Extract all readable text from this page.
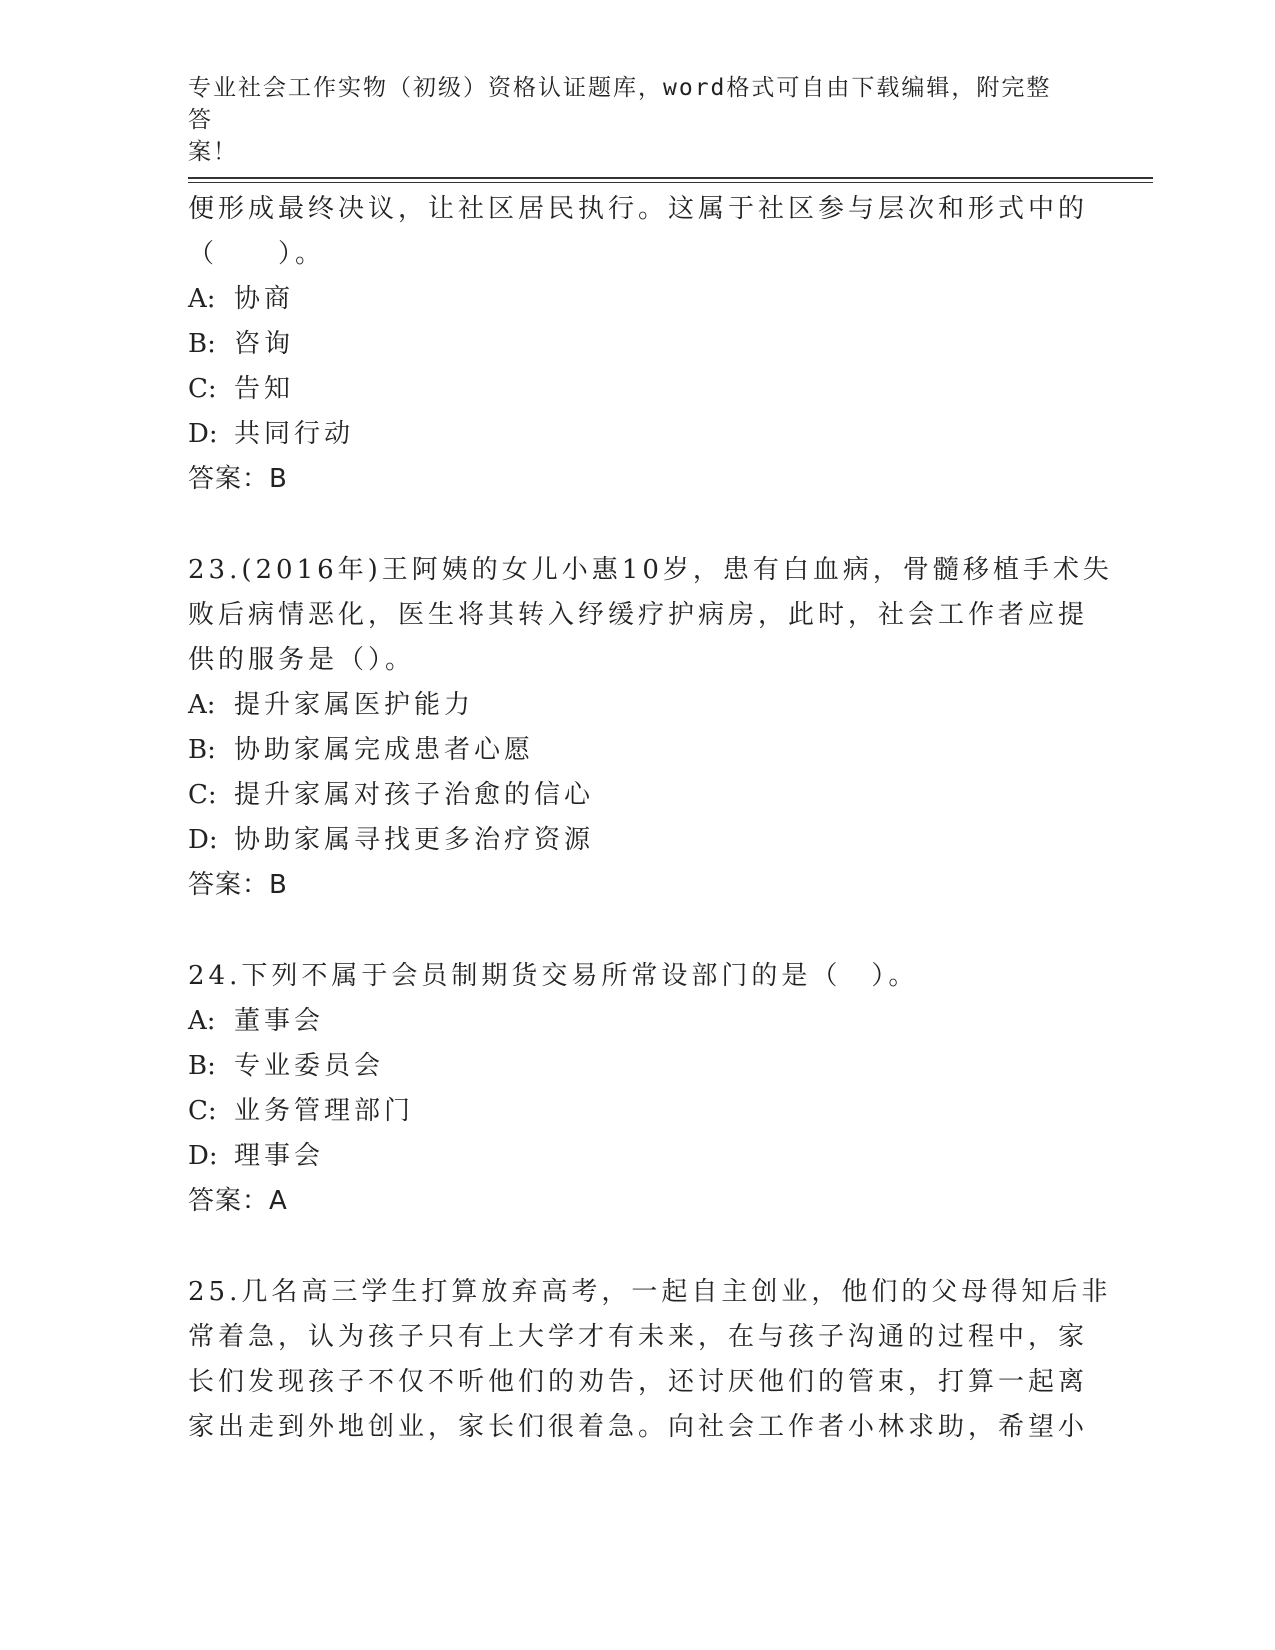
专业社会工作实物（初级）资格认证题库，word格式可自由下载编辑，附完整答
案！
便形成最终决议，让社区居民执行。这属于社区参与层次和形式中的
（　　）。
A: 协商
B: 咨询
C: 告知
D: 共同行动
答案：B
23.(2016年)王阿姨的女儿小惠10岁，患有白血病，骨髓移植手术失
败后病情恶化，医生将其转入纾缓疗护病房，此时，社会工作者应提
供的服务是（）。
A: 提升家属医护能力
B: 协助家属完成患者心愿
C: 提升家属对孩子治愈的信心
D: 协助家属寻找更多治疗资源
答案：B
24.下列不属于会员制期货交易所常设部门的是（　）。
A: 董事会
B: 专业委员会
C: 业务管理部门
D: 理事会
答案：A
25.几名高三学生打算放弃高考，一起自主创业，他们的父母得知后非
常着急，认为孩子只有上大学才有未来，在与孩子沟通的过程中，家
长们发现孩子不仅不听他们的劝告，还讨厌他们的管束，打算一起离
家出走到外地创业，家长们很着急。向社会工作者小林求助，希望小
